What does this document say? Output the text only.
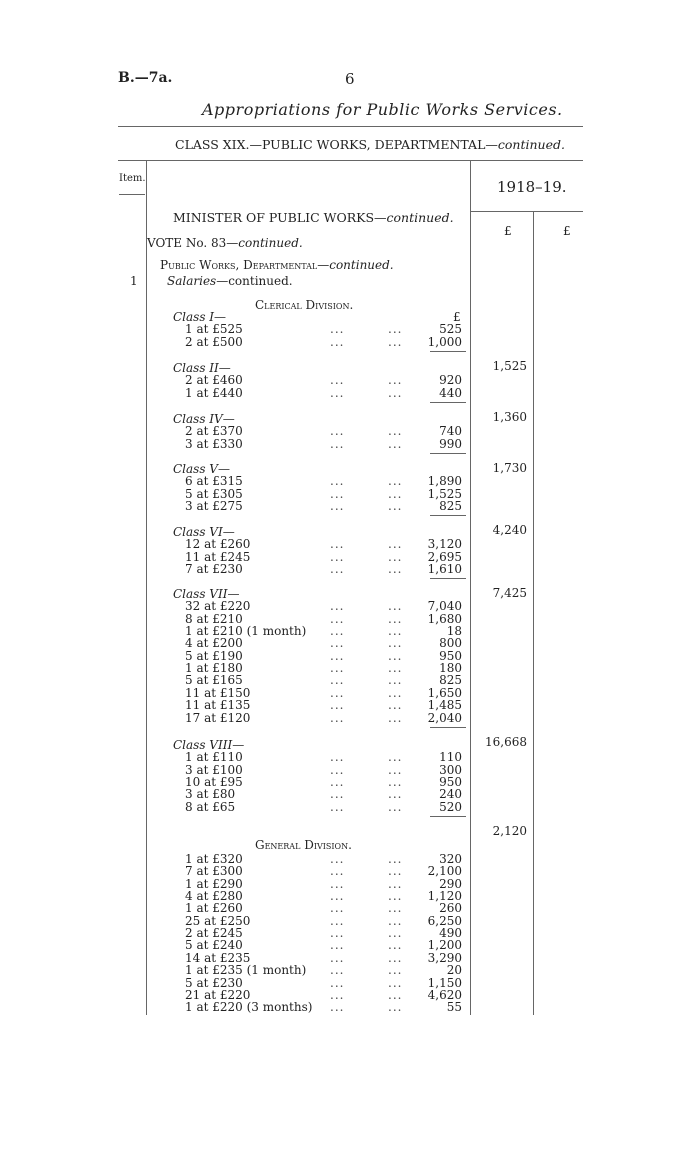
B.—7a.	6
Appropriations for Public Works Services.
CLASS XIX.—PUBLIC WORKS, DEPARTMENTAL—continued.
Item.	1918–19.
£	£
MINISTER OF PUBLIC WORKS—continued.
VOTE No. 83—continued.
Public Works, Departmental—continued.
1 Salaries—continued.
Clerical Division.
£
Class I—
1 at £525	...	...	525
2 at £500	...	...	1,000
1,525
Class II—
2 at £460	...	...	920
1 at £440	...	...	440
1,360
Class IV—
2 at £370	...	...	740
3 at £330	...	...	990
1,730
Class V—
6 at £315	...	...	1,890
5 at £305	...	...	1,525
3 at £275	...	...	825
4,240
Class VI—
12 at £260	...	...	3,120
11 at £245	...	...	2,695
7 at £230	...	...	1,610
7,425
Class VII—
32 at £220	...	...	7,040
8 at £210	...	...	1,680
1 at £210 (1 month) ...	...	18
4 at £200	...	...	800
5 at £190	...	...	950
1 at £180	...	...	180
5 at £165	...	...	825
11 at £150	...	...	1,650
11 at £135	...	...	1,485
17 at £120	...	...	2,040
16,668
Class VIII—
1 at £110	...	...	110
3 at £100	...	...	300
10 at £95	...	...	950
3 at £80	...	...	240
8 at £65	...	...	520
2,120
General Division.
1 at £320	...	...	320
7 at £300	...	...	2,100
1 at £290	...	...	290
4 at £280	...	...	1,120
1 at £260	...	...	260
25 at £250	...	...	6,250
2 at £245	...	...	490
5 at £240	...	...	1,200
14 at £235	...	...	3,290
1 at £235 (1 month) ...	...	20
5 at £230	...	...	1,150
21 at £220	...	...	4,620
1 at £220 (3 months) ...	...	55
